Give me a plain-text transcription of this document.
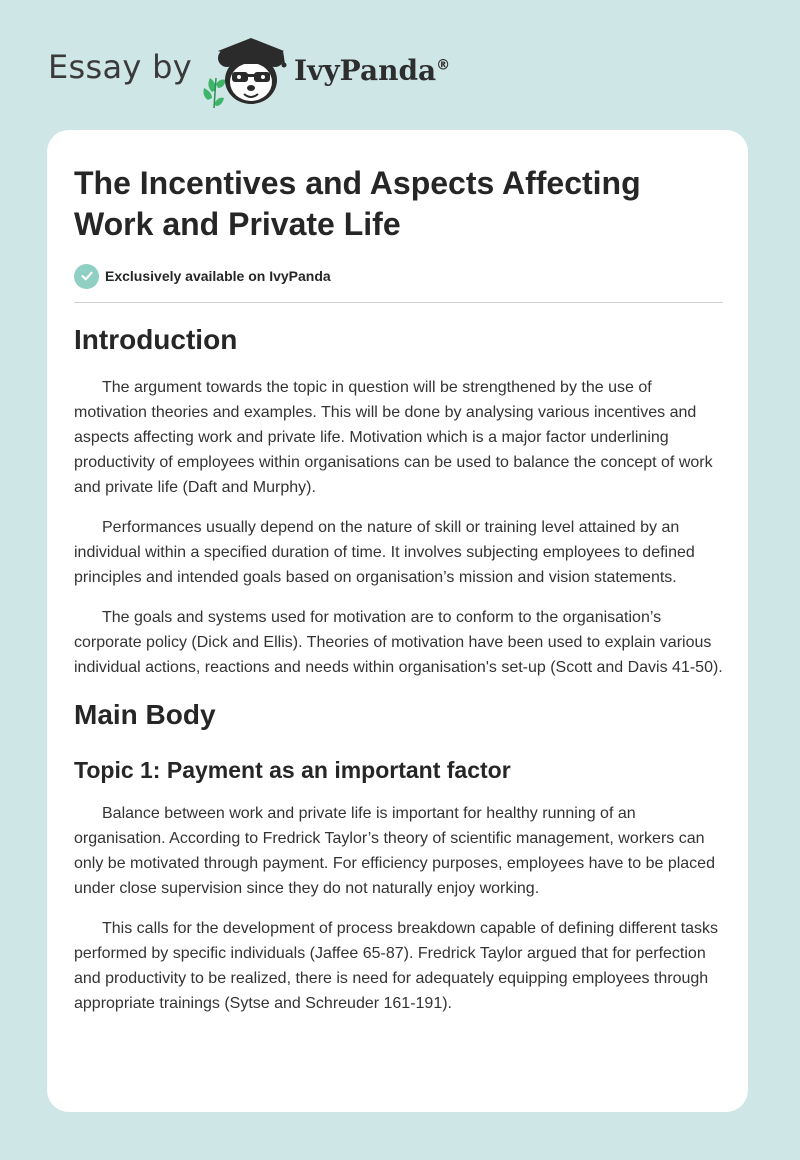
Essay by	IvyPanda®
The Incentives and Aspects Affecting Work and Private Life
Exclusively available on IvyPanda
Introduction

The argument towards the topic in question will be strengthened by the use of motivation theories and examples. This will be done by analysing various incentives and aspects affecting work and private life. Motivation which is a major factor underlining productivity of employees within organisations can be used to balance the concept of work and private life (Daft and Murphy).

Performances usually depend on the nature of skill or training level attained by an individual within a specified duration of time. It involves subjecting employees to defined principles and intended goals based on organisation’s mission and vision statements.

The goals and systems used for motivation are to conform to the organisation’s corporate policy (Dick and Ellis). Theories of motivation have been used to explain various individual actions, reactions and needs within organisation's set-up (Scott and Davis 41-50).

Main Body
Topic 1: Payment as an important factor

Balance between work and private life is important for healthy running of an organisation. According to Fredrick Taylor’s theory of scientific management, workers can only be motivated through payment. For efficiency purposes, employees have to be placed under close supervision since they do not naturally enjoy working.

This calls for the development of process breakdown capable of defining different tasks performed by specific individuals (Jaffee 65-87). Fredrick Taylor argued that for perfection and productivity to be realized, there is need for adequately equipping employees through appropriate trainings (Sytse and Schreuder 161-191).
